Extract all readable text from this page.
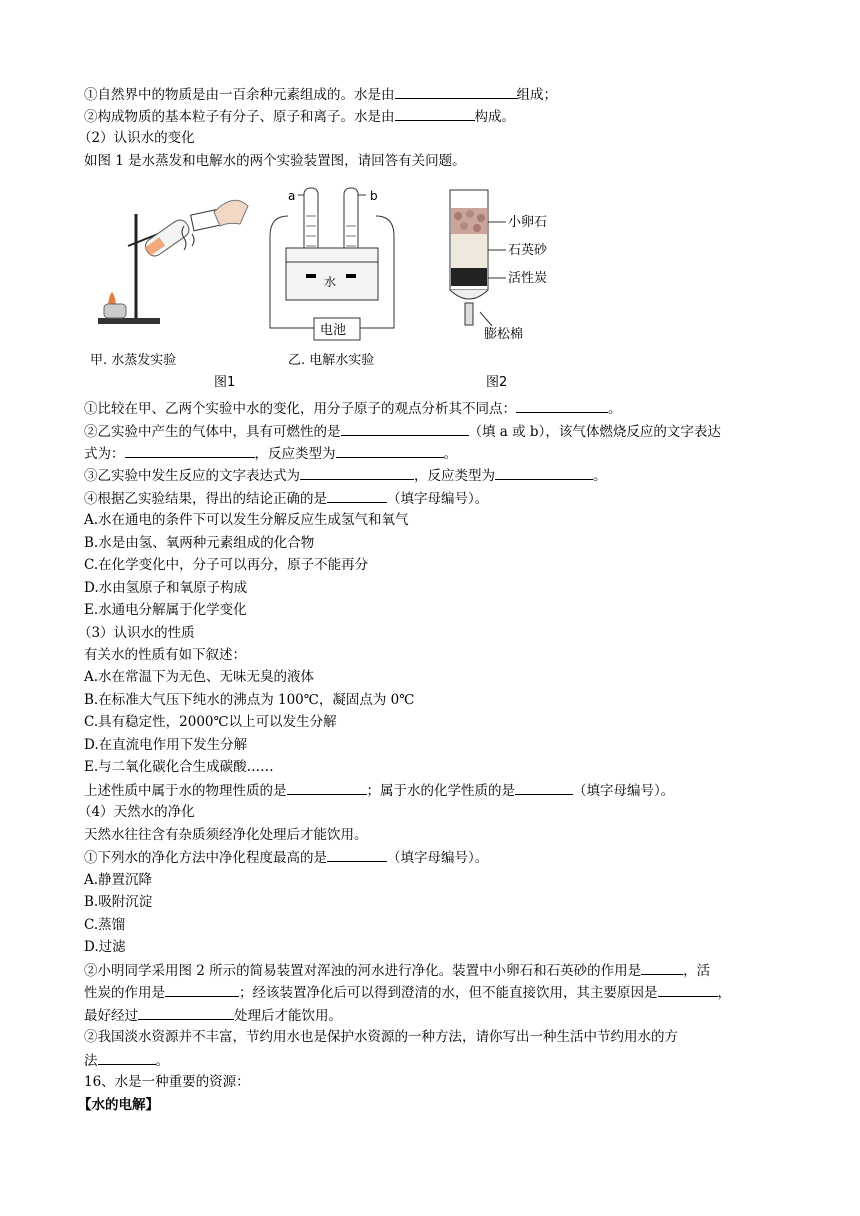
①自然界中的物质是由一百余种元素组成的。水是由	组成；
②构成物质的基本粒子有分子、原子和离子。水是由	构成。
（2）认识水的变化
如图 1 是水蒸发和电解水的两个实验装置图，请回答有关问题。
甲. 水蒸发实验
a	b
水
电池
乙. 电解水实验
图1
小卵石
石英砂
活性炭
膨松棉
图2
①比较在甲、乙两个实验中水的变化，用分子原子的观点分析其不同点：	。
②乙实验中产生的气体中，具有可燃性的是	（填 a 或 b），该气体燃烧反应的文字表达
式为：	，反应类型为	。
③乙实验中发生反应的文字表达式为	，反应类型为	。
④根据乙实验结果，得出的结论正确的是	（填字母编号）。
A.水在通电的条件下可以发生分解反应生成氢气和氧气
B.水是由氢、氧两种元素组成的化合物
C.在化学变化中，分子可以再分，原子不能再分
D.水由氢原子和氧原子构成
E.水通电分解属于化学变化
（3）认识水的性质
有关水的性质有如下叙述：
A.水在常温下为无色、无味无臭的液体
B.在标准大气压下纯水的沸点为 100℃，凝固点为 0℃
C.具有稳定性，2000℃以上可以发生分解
D.在直流电作用下发生分解
E.与二氧化碳化合生成碳酸……
上述性质中属于水的物理性质的是	；属于水的化学性质的是	（填字母编号）。
（4）天然水的净化
天然水往往含有杂质须经净化处理后才能饮用。
①下列水的净化方法中净化程度最高的是	（填字母编号）。
A.静置沉降
B.吸附沉淀
C.蒸馏
D.过滤
②小明同学采用图 2 所示的简易装置对浑浊的河水进行净化。装置中小卵石和石英砂的作用是	，活
性炭的作用是	；经该装置净化后可以得到澄清的水，但不能直接饮用，其主要原因是	，
最好经过	处理后才能饮用。
②我国淡水资源并不丰富，节约用水也是保护水资源的一种方法，请你写出一种生活中节约用水的方
法	。
16、水是一种重要的资源：
【水的电解】
